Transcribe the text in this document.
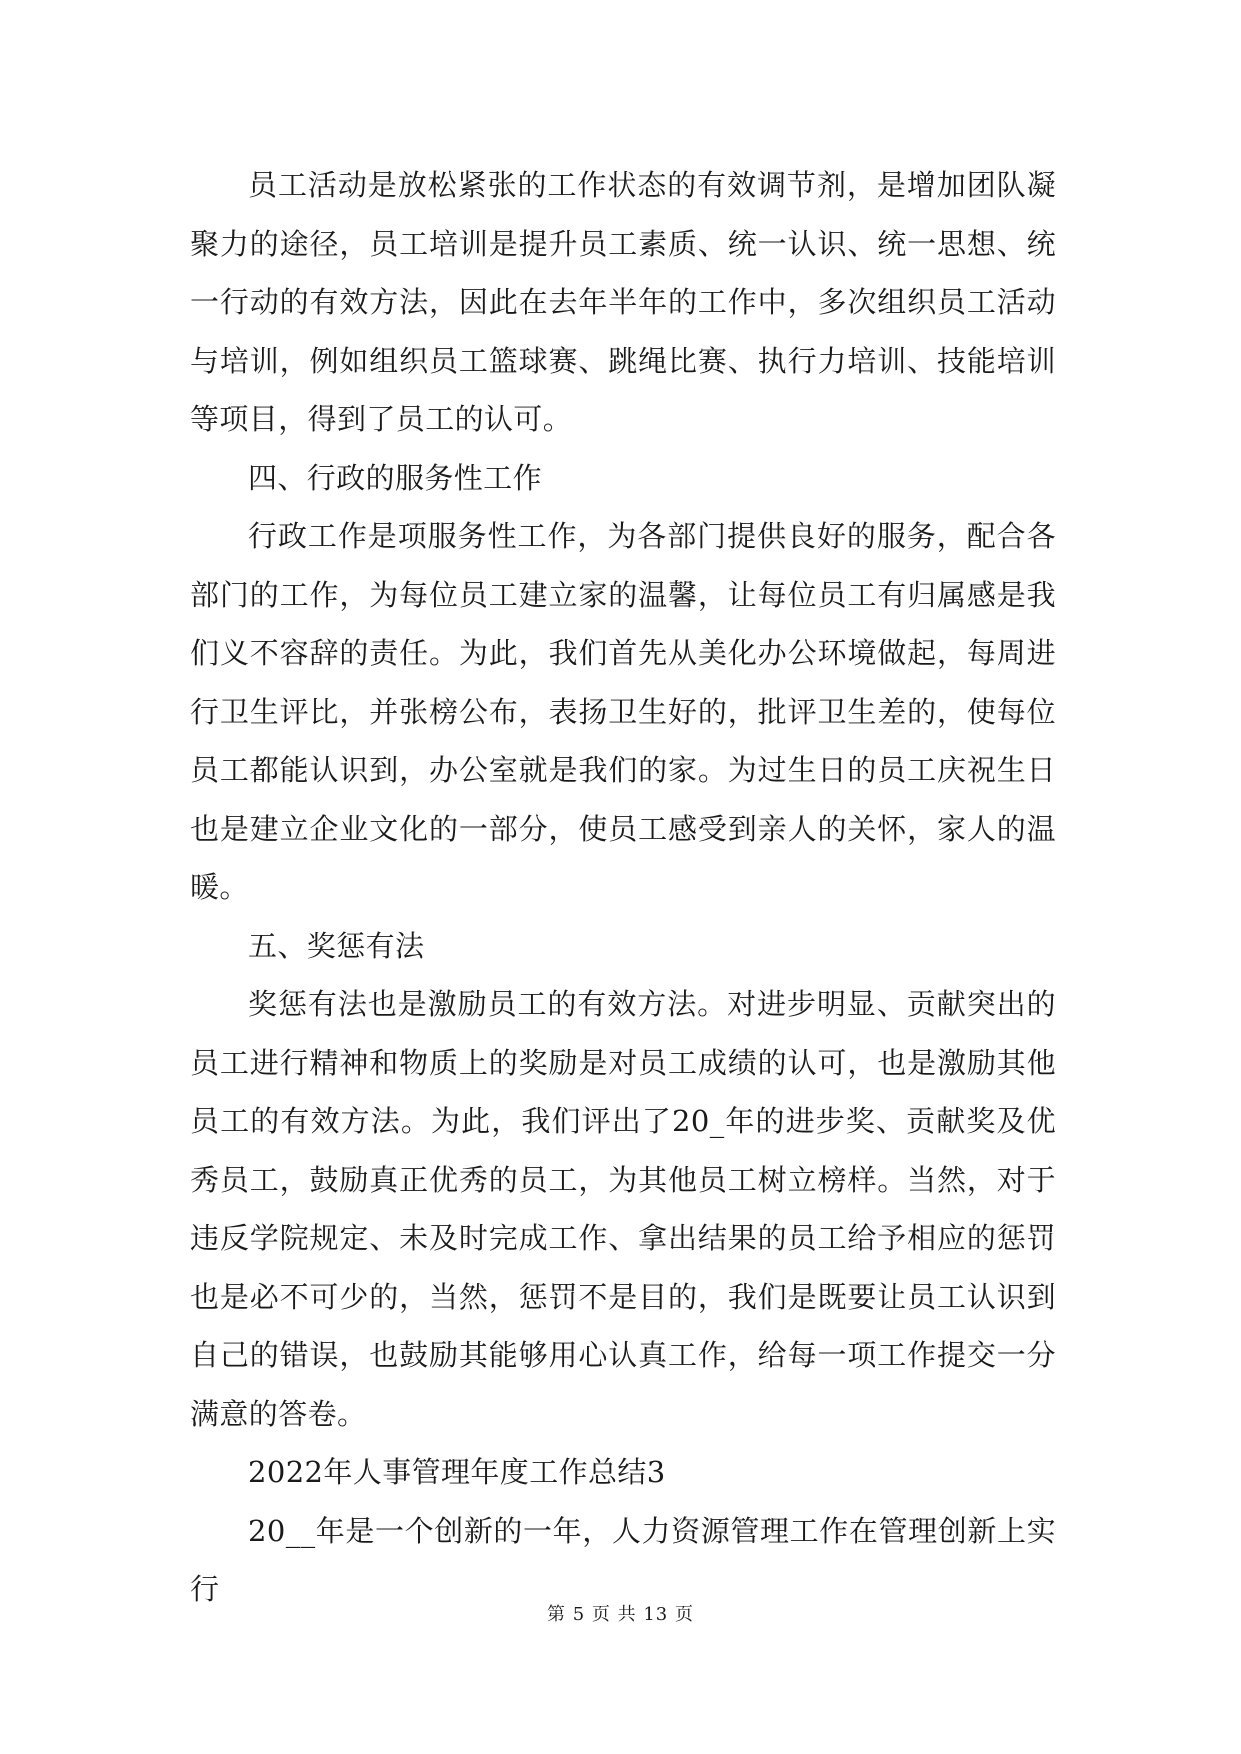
员工活动是放松紧张的工作状态的有效调节剂，是增加团队凝聚力的途径，员工培训是提升员工素质、统一认识、统一思想、统一行动的有效方法，因此在去年半年的工作中，多次组织员工活动与培训，例如组织员工篮球赛、跳绳比赛、执行力培训、技能培训等项目，得到了员工的认可。

四、行政的服务性工作

行政工作是项服务性工作，为各部门提供良好的服务，配合各部门的工作，为每位员工建立家的温馨，让每位员工有归属感是我们义不容辞的责任。为此，我们首先从美化办公环境做起，每周进行卫生评比，并张榜公布，表扬卫生好的，批评卫生差的，使每位员工都能认识到，办公室就是我们的家。为过生日的员工庆祝生日也是建立企业文化的一部分，使员工感受到亲人的关怀，家人的温暖。

五、奖惩有法

奖惩有法也是激励员工的有效方法。对进步明显、贡献突出的员工进行精神和物质上的奖励是对员工成绩的认可，也是激励其他员工的有效方法。为此，我们评出了20_年的进步奖、贡献奖及优秀员工，鼓励真正优秀的员工，为其他员工树立榜样。当然，对于违反学院规定、未及时完成工作、拿出结果的员工给予相应的惩罚也是必不可少的，当然，惩罚不是目的，我们是既要让员工认识到自己的错误，也鼓励其能够用心认真工作，给每一项工作提交一分满意的答卷。

2022年人事管理年度工作总结3

20__年是一个创新的一年，人力资源管理工作在管理创新上实行

第 5 页 共 13 页
